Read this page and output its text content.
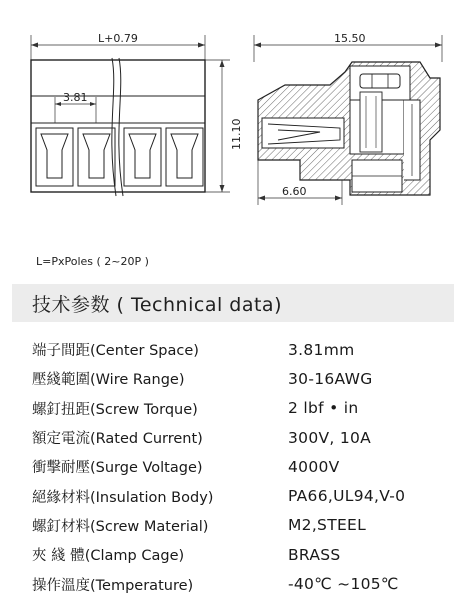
L+0.79
3.81
11.10
15.50
6.60
L=PxPoles ( 2~20P )
技术参数 ( Technical data)
端子間距(Center Space)	3.81mm
壓綫範圍(Wire Range)	30-16AWG
螺釘扭距(Screw Torque)	2 lbf • in
額定電流(Rated Current)	300V, 10A
衝擊耐壓(Surge Voltage)	4000V
絕緣材料(Insulation Body)	PA66,UL94,V-0
螺釘材料(Screw Material)	M2,STEEL
夾 綫 體(Clamp Cage)	BRASS
操作溫度(Temperature)	-40℃ ~105℃
